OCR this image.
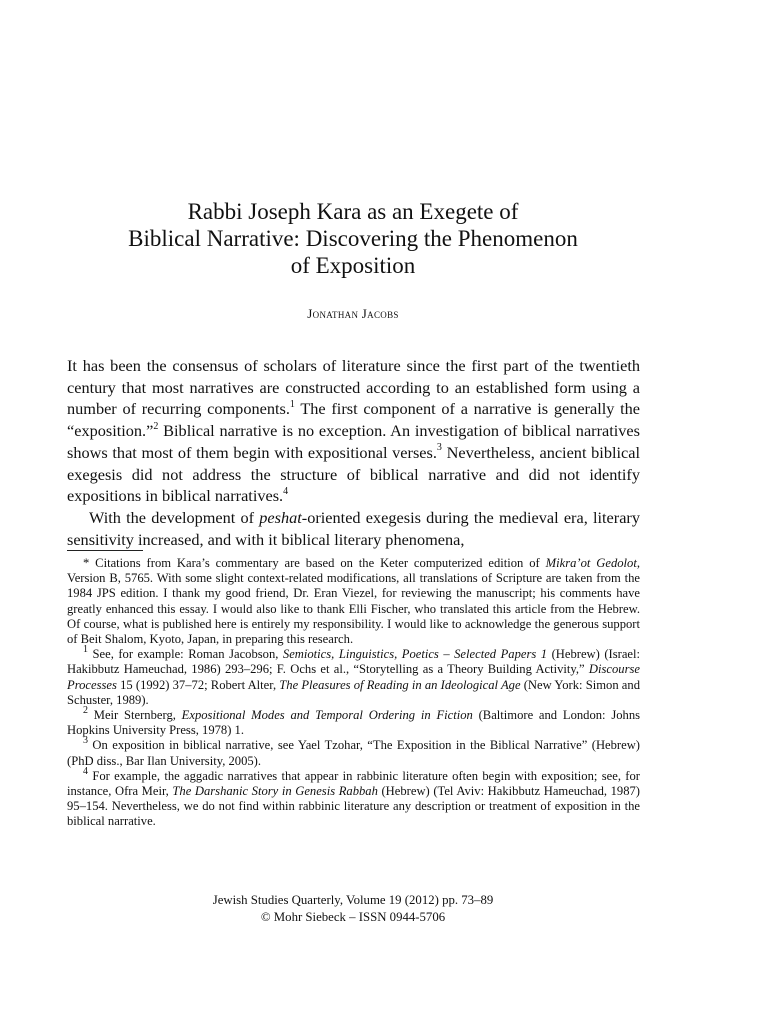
Rabbi Joseph Kara as an Exegete of
Biblical Narrative: Discovering the Phenomenon
of Exposition
Jonathan Jacobs

It has been the consensus of scholars of literature since the first part of the twentieth century that most narratives are constructed according to an established form using a number of recurring components.$^1$ The first component of a narrative is generally the “exposition.”$^2$ Biblical narrative is no exception. An investigation of biblical narratives shows that most of them begin with expositional verses.$^3$ Nevertheless, ancient biblical exegesis did not address the structure of biblical narrative and did not identify expositions in biblical narratives.$^4$

With the development of peshat-oriented exegesis during the medieval era, literary sensitivity increased, and with it biblical literary phenomena,

* Citations from Kara’s commentary are based on the Keter computerized edition of Mikra’ot Gedolot, Version B, 5765. With some slight context-related modifications, all translations of Scripture are taken from the 1984 JPS edition. I thank my good friend, Dr. Eran Viezel, for reviewing the manuscript; his comments have greatly enhanced this essay. I would also like to thank Elli Fischer, who translated this article from the Hebrew. Of course, what is published here is entirely my responsibility. I would like to acknowledge the generous support of Beit Shalom, Kyoto, Japan, in preparing this research.

$^1$ See, for example: Roman Jacobson, Semiotics, Linguistics, Poetics – Selected Papers 1 (Hebrew) (Israel: Hakibbutz Hameuchad, 1986) 293–296; F. Ochs et al., “Storytelling as a Theory Building Activity,” Discourse Processes 15 (1992) 37–72; Robert Alter, The Pleasures of Reading in an Ideological Age (New York: Simon and Schuster, 1989).

$^2$ Meir Sternberg, Expositional Modes and Temporal Ordering in Fiction (Baltimore and London: Johns Hopkins University Press, 1978) 1.

$^3$ On exposition in biblical narrative, see Yael Tzohar, “The Exposition in the Biblical Narrative” (Hebrew) (PhD diss., Bar Ilan University, 2005).

$^4$ For example, the aggadic narratives that appear in rabbinic literature often begin with exposition; see, for instance, Ofra Meir, The Darshanic Story in Genesis Rabbah (Hebrew) (Tel Aviv: Hakibbutz Hameuchad, 1987) 95–154. Nevertheless, we do not find within rabbinic literature any description or treatment of exposition in the biblical narrative.

Jewish Studies Quarterly, Volume 19 (2012) pp. 73–89
© Mohr Siebeck – ISSN 0944-5706
